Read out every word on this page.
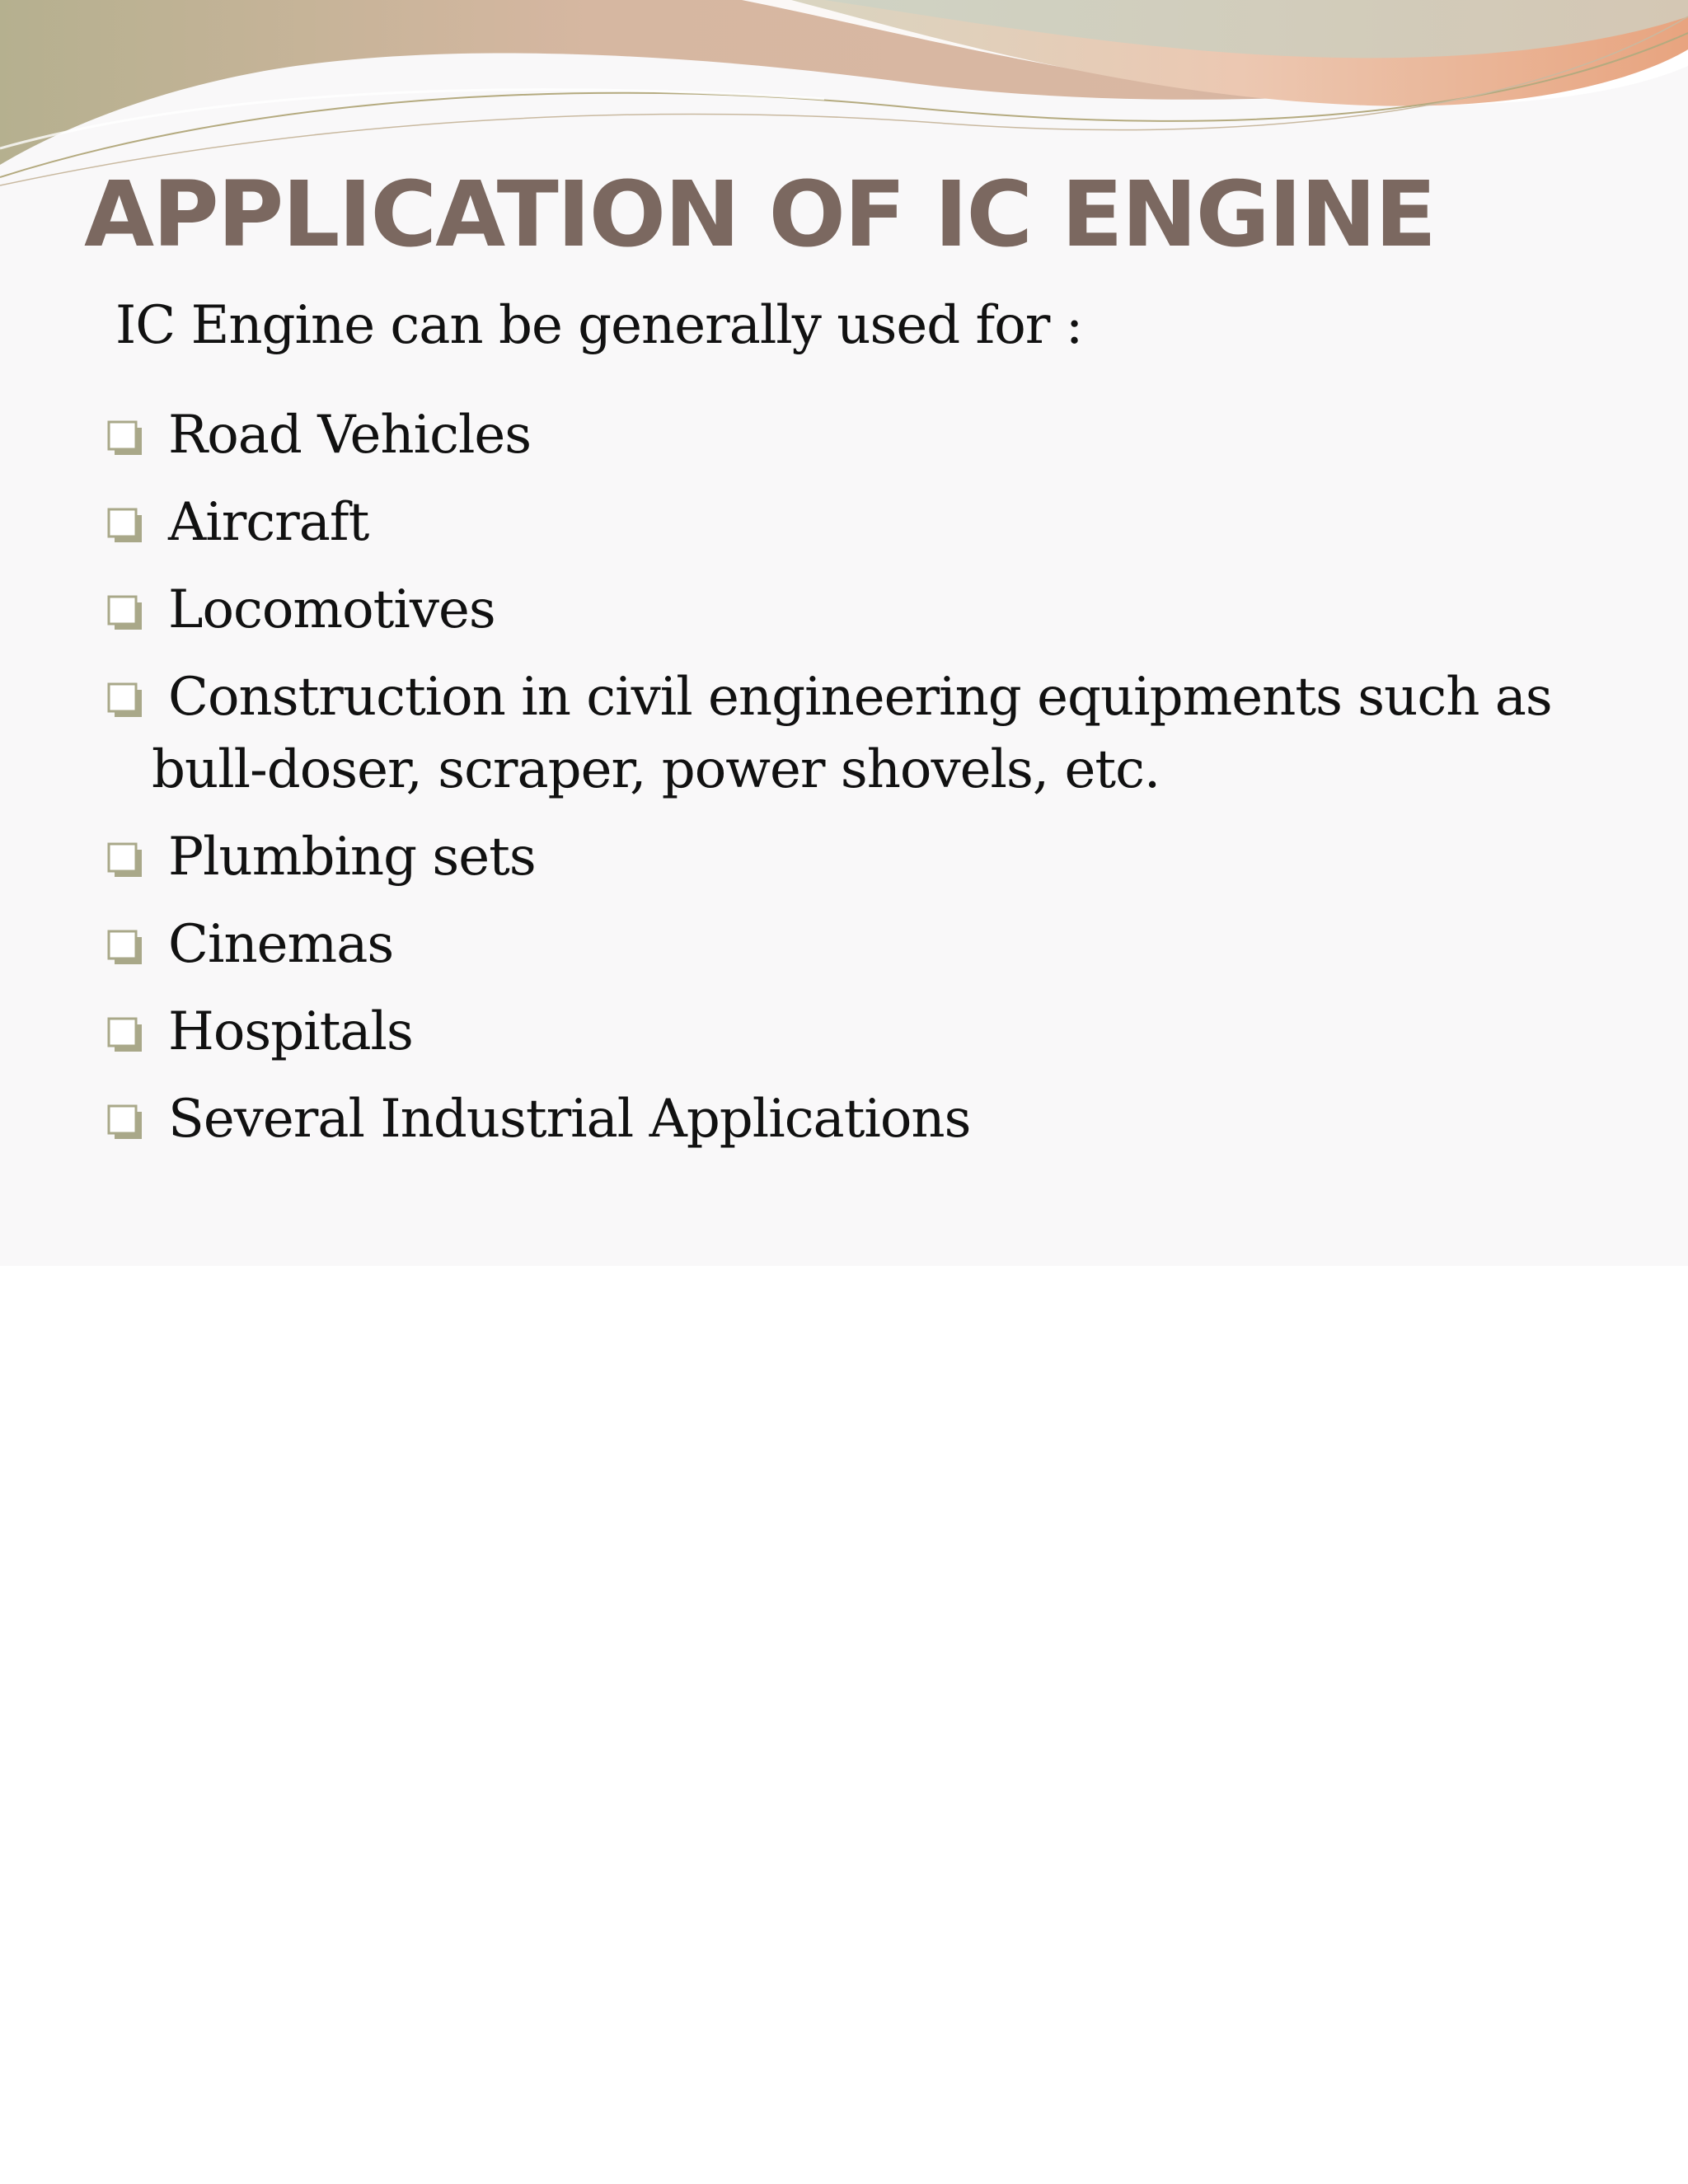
APPLICATION OF IC ENGINE

IC Engine can be generally used for :

Road Vehicles
Aircraft
Locomotives
Construction in civil engineering equipments such as
bull-doser, scraper, power shovels, etc.
Plumbing sets
Cinemas
Hospitals
Several Industrial Applications
